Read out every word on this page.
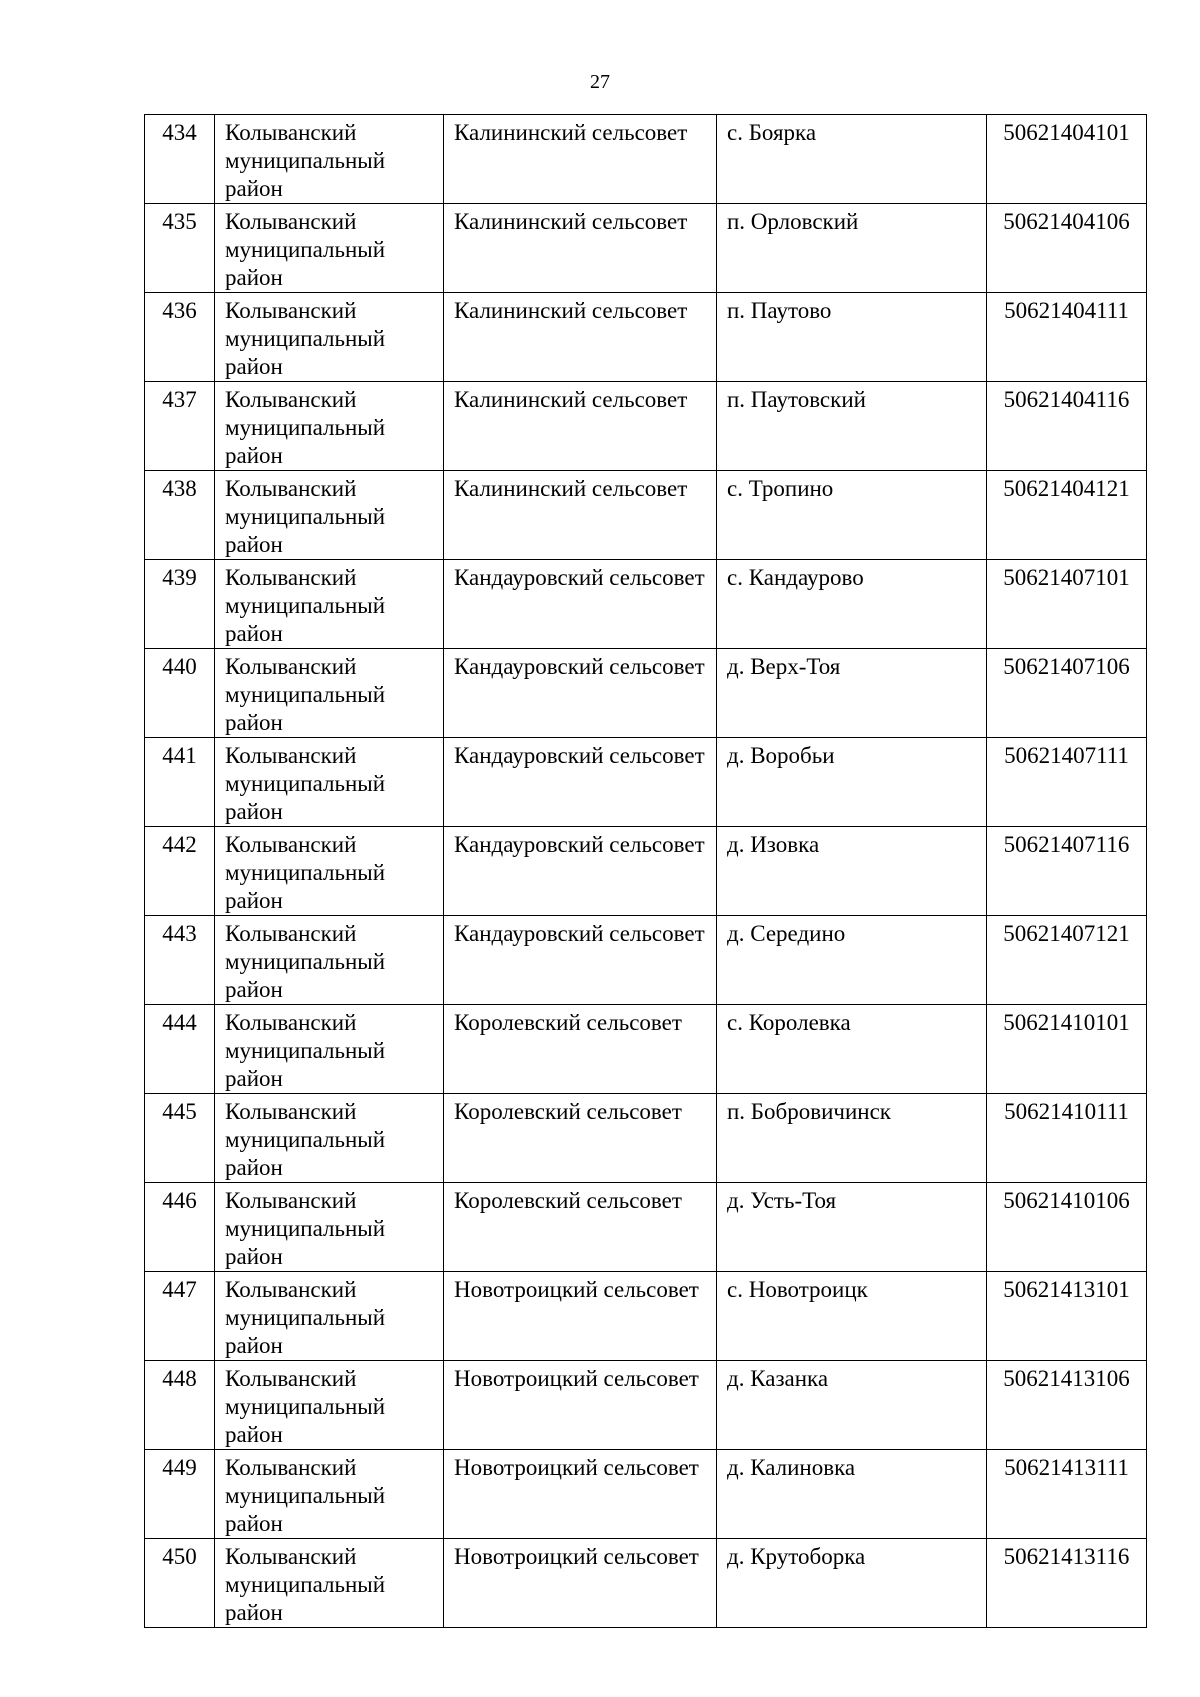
27
434	Колыванский муниципальный район	Калининский сельсовет	с. Боярка	50621404101
435	Колыванский муниципальный район	Калининский сельсовет	п. Орловский	50621404106
436	Колыванский муниципальный район	Калининский сельсовет	п. Паутово	50621404111
437	Колыванский муниципальный район	Калининский сельсовет	п. Паутовский	50621404116
438	Колыванский муниципальный район	Калининский сельсовет	с. Тропино	50621404121
439	Колыванский муниципальный район	Кандауровский сельсовет	с. Кандаурово	50621407101
440	Колыванский муниципальный район	Кандауровский сельсовет	д. Верх-Тоя	50621407106
441	Колыванский муниципальный район	Кандауровский сельсовет	д. Воробьи	50621407111
442	Колыванский муниципальный район	Кандауровский сельсовет	д. Изовка	50621407116
443	Колыванский муниципальный район	Кандауровский сельсовет	д. Середино	50621407121
444	Колыванский муниципальный район	Королевский сельсовет	с. Королевка	50621410101
445	Колыванский муниципальный район	Королевский сельсовет	п. Бобровичинск	50621410111
446	Колыванский муниципальный район	Королевский сельсовет	д. Усть-Тоя	50621410106
447	Колыванский муниципальный район	Новотроицкий сельсовет	с. Новотроицк	50621413101
448	Колыванский муниципальный район	Новотроицкий сельсовет	д. Казанка	50621413106
449	Колыванский муниципальный район	Новотроицкий сельсовет	д. Калиновка	50621413111
450	Колыванский муниципальный район	Новотроицкий сельсовет	д. Крутоборка	50621413116
